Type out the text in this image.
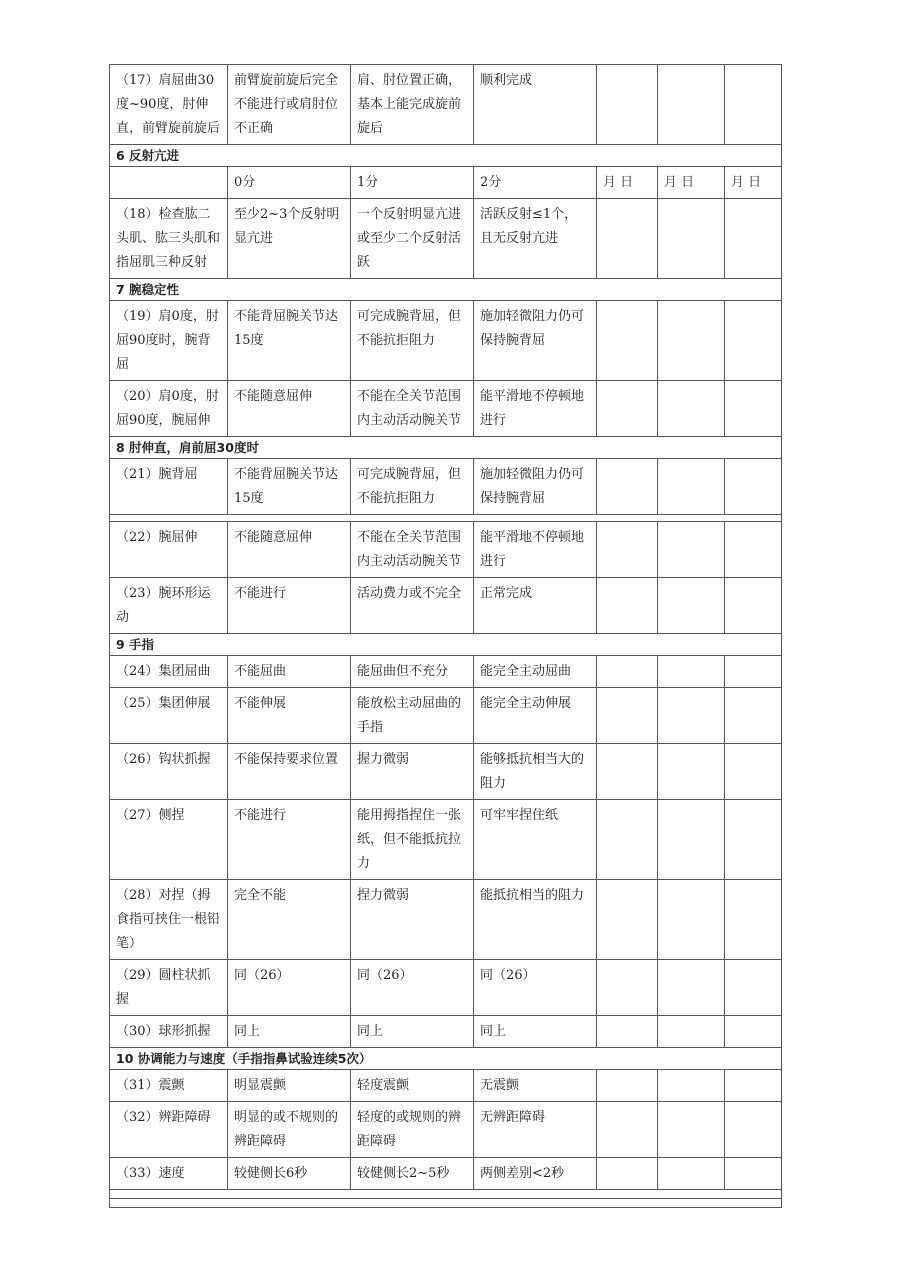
（17）肩屈曲30度~90度，肘伸直，前臂旋前旋后	前臂旋前旋后完全不能进行或肩肘位不正确	肩、肘位置正确，基本上能完成旋前旋后	顺利完成			
6 反射亢进						
	0分	1分	2分	月 日	月 日	月 日
（18）检查肱二头肌、肱三头肌和指屈肌三种反射	至少2~3个反射明显亢进	一个反射明显亢进或至少二个反射活跃	活跃反射≤1个，且无反射亢进			
7 腕稳定性						
（19）肩0度，肘屈90度时，腕背屈	不能背屈腕关节达15度	可完成腕背屈，但不能抗拒阻力	施加轻微阻力仍可保持腕背屈			
（20）肩0度，肘屈90度，腕屈伸	不能随意屈伸	不能在全关节范围内主动活动腕关节	能平滑地不停顿地进行			
8 肘伸直，肩前屈30度时						
（21）腕背屈	不能背屈腕关节达15度	可完成腕背屈，但不能抗拒阻力	施加轻微阻力仍可保持腕背屈			

（22）腕屈伸	不能随意屈伸	不能在全关节范围内主动活动腕关节	能平滑地不停顿地进行			
（23）腕环形运动	不能进行	活动费力或不完全	正常完成			
9 手指						
（24）集团屈曲	不能屈曲	能屈曲但不充分	能完全主动屈曲			
（25）集团伸展	不能伸展	能放松主动屈曲的手指	能完全主动伸展			
（26）钩状抓握	不能保持要求位置	握力微弱	能够抵抗相当大的阻力			
（27）侧捏	不能进行	能用拇指捏住一张纸，但不能抵抗拉力	可牢牢捏住纸			
（28）对捏（拇食指可挟住一根铅笔）	完全不能	捏力微弱	能抵抗相当的阻力			
（29）圆柱状抓握	同（26）	同（26）	同（26）			
（30）球形抓握	同上	同上	同上			
10 协调能力与速度（手指指鼻试验连续5次）						
（31）震颤	明显震颤	轻度震颤	无震颤			
（32）辨距障碍	明显的或不规则的辨距障碍	轻度的或规则的辨距障碍	无辨距障碍			
（33）速度	较健侧长6秒	较健侧长2~5秒	两侧差别<2秒			
